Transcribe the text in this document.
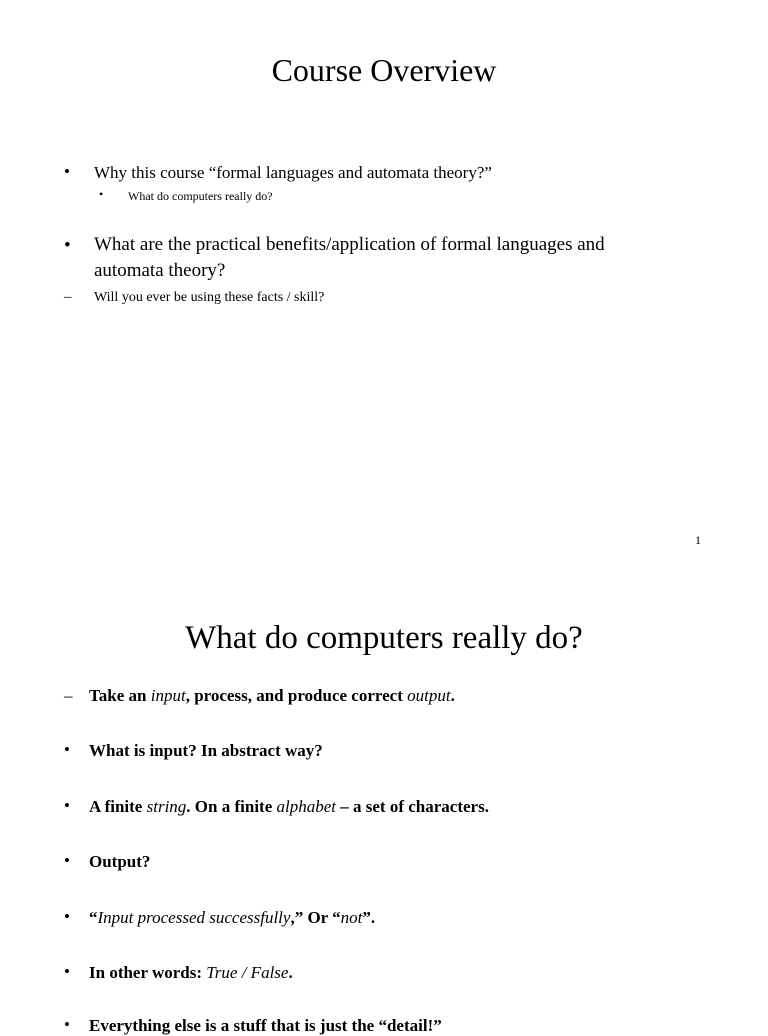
Course Overview
• Why this course “formal languages and automata theory?”
• What do computers really do?
• What are the practical benefits/application of formal languages and
automata theory?
– Will you ever be using these facts / skill?
1
What do computers really do?
– Take an input, process, and produce correct output.
• What is input? In abstract way?
• A finite string. On a finite alphabet – a set of characters.
• Output?
• “Input processed successfully,” Or “not”.
• In other words: True / False.
• Everything else is a stuff that is just the “detail!”
